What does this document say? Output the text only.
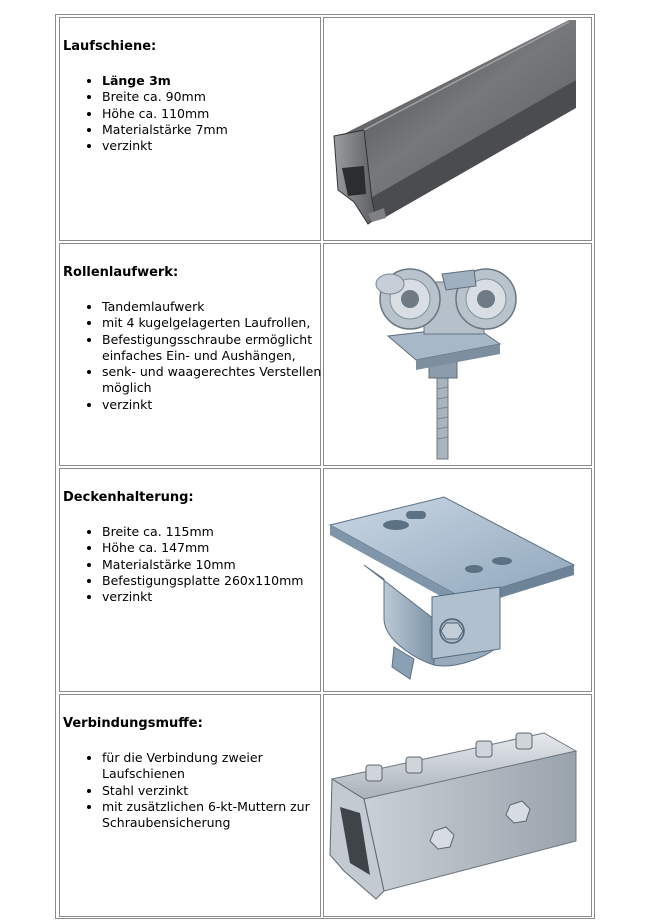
Laufschiene:
• Länge 3m
• Breite ca. 90mm
• Höhe ca. 110mm
• Materialstärke 7mm
• verzinkt
Rollenlaufwerk:
• Tandemlaufwerk
• mit 4 kugelgelagerten Laufrollen,
• Befestigungsschraube ermöglicht einfaches Ein- und Aushängen,
• senk- und waagerechtes Verstellen möglich
• verzinkt
Deckenhalterung:
• Breite ca. 115mm
• Höhe ca. 147mm
• Materialstärke 10mm
• Befestigungsplatte 260x110mm
• verzinkt
Verbindungsmuffe:
• für die Verbindung zweier Laufschienen
• Stahl verzinkt
• mit zusätzlichen 6-kt-Muttern zur Schraubensicherung
